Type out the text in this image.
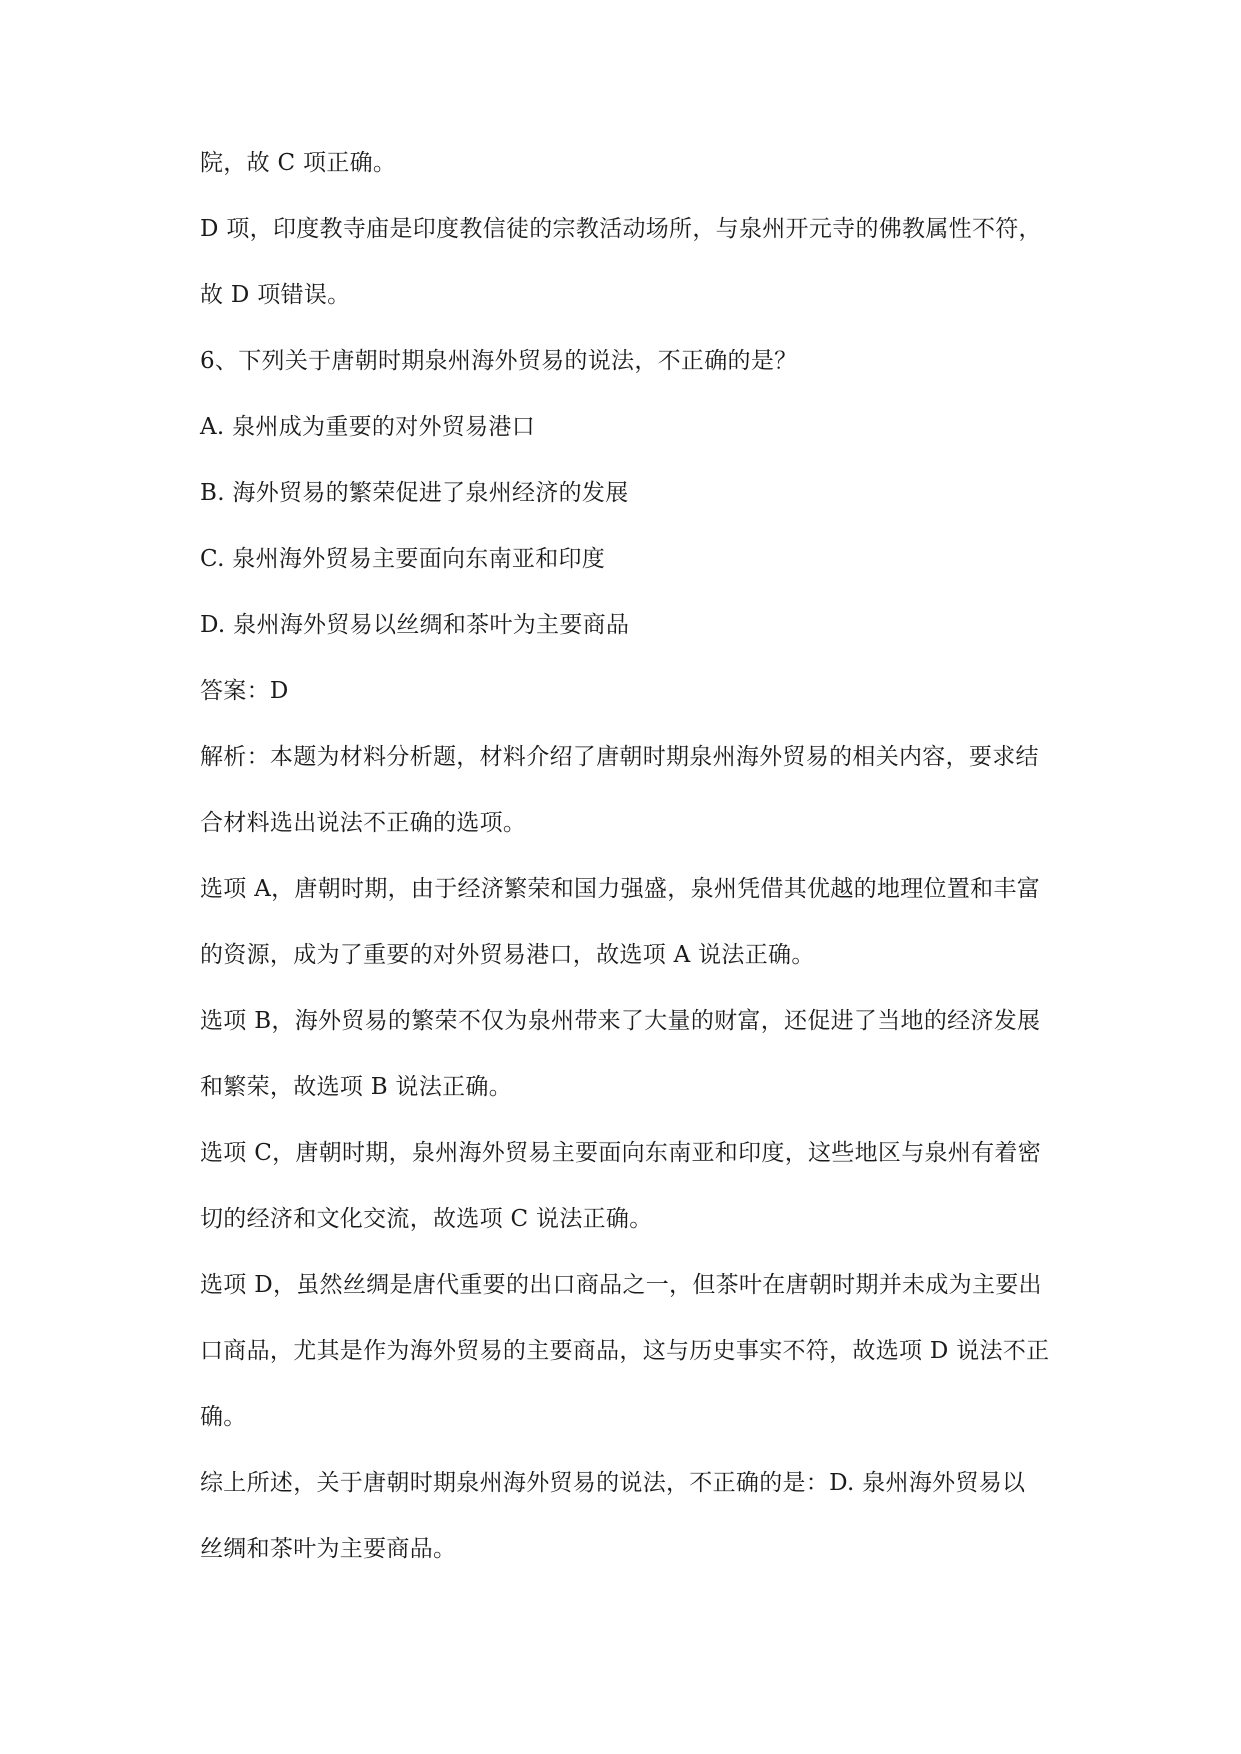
院，故 C 项正确。
D 项，印度教寺庙是印度教信徒的宗教活动场所，与泉州开元寺的佛教属性不符，
故 D 项错误。
6、下列关于唐朝时期泉州海外贸易的说法，不正确的是？
A. 泉州成为重要的对外贸易港口
B. 海外贸易的繁荣促进了泉州经济的发展
C. 泉州海外贸易主要面向东南亚和印度
D. 泉州海外贸易以丝绸和茶叶为主要商品
答案：D
解析：本题为材料分析题，材料介绍了唐朝时期泉州海外贸易的相关内容，要求结
合材料选出说法不正确的选项。
选项 A，唐朝时期，由于经济繁荣和国力强盛，泉州凭借其优越的地理位置和丰富
的资源，成为了重要的对外贸易港口，故选项 A 说法正确。
选项 B，海外贸易的繁荣不仅为泉州带来了大量的财富，还促进了当地的经济发展
和繁荣，故选项 B 说法正确。
选项 C，唐朝时期，泉州海外贸易主要面向东南亚和印度，这些地区与泉州有着密
切的经济和文化交流，故选项 C 说法正确。
选项 D，虽然丝绸是唐代重要的出口商品之一，但茶叶在唐朝时期并未成为主要出
口商品，尤其是作为海外贸易的主要商品，这与历史事实不符，故选项 D 说法不正
确。
综上所述，关于唐朝时期泉州海外贸易的说法，不正确的是：D. 泉州海外贸易以
丝绸和茶叶为主要商品。
